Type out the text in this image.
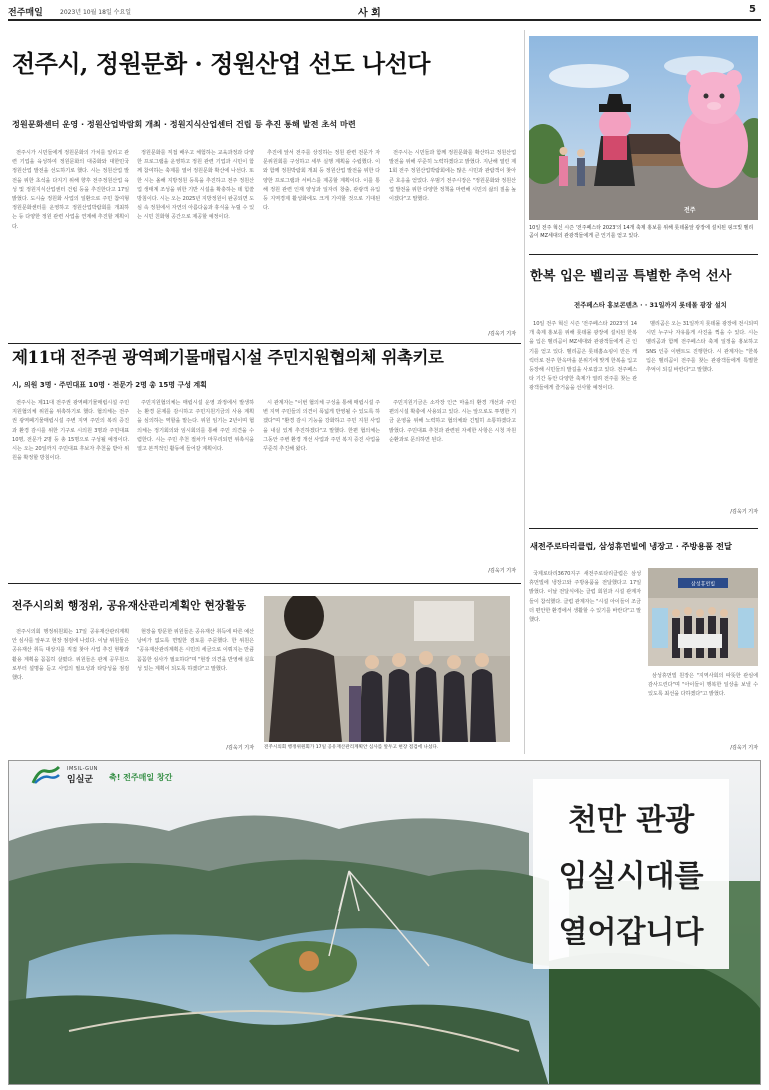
전주매일	2023년 10월 18일 수요일	사 회	5
전주시, 정원문화 · 정원산업 선도 나선다
정원문화센터 운영 · 정원산업박람회 개최 · 정원지식산업센터 건립 등 추진 통해 발전 초석 마련

전주시가 시민들에게 정원문화의 가치를 알리고 관련 기업을 육성하여 정원문화의 대중화와 대한민국 정원산업 발전을 선도하기로 했다. 시는 정원산업 발전을 위한 초석을 다지기 위해 향후 전주정원산업 육성 및 정원지식산업센터 건립 등을 추진한다고 17일 밝혔다. 도시숲 정원화 사업의 일환으로 주민 참여형 정원문화센터를 운영하고 정원산업박람회를 개최하는 등 다양한 정원 관련 사업을 연계해 추진할 계획이다.

정원문화를 직접 배우고 체험하는 교육과정과 다양한 프로그램을 운영하고 정원 관련 기업과 시민이 함께 참여하는 축제를 열어 정원문화 확산에 나선다. 또한 시는 올해 지방정원 등록을 추진하고 전주 정원산업 생태계 조성을 위한 기반 시설을 확충하는 데 힘쓸 방침이다. 시는 오는 2025년 지방정원이 완공되면 도심 속 정원에서 자연의 아름다움과 휴식을 누릴 수 있는 시민 친화형 공간으로 제공할 예정이다.

추진에 앞서 전주를 상징하는 정원 관련 전문가 자문위원회를 구성하고 세부 실행 계획을 수립했다. 이와 함께 정원박람회 개최 등 정원산업 발전을 위한 다양한 프로그램과 서비스를 제공할 계획이다. 이를 통해 정원 관련 인재 양성과 일자리 창출, 관광객 유입 등 지역경제 활성화에도 크게 기여할 것으로 기대된다.

전주시는 시민들과 함께 정원문화를 확산하고 정원산업 발전을 위해 꾸준히 노력하겠다고 밝혔다. 지난해 열린 제1회 전주 정원산업박람회에는 많은 시민과 관람객이 찾아 큰 호응을 얻었다. 우범기 전주시장은 "정원문화와 정원산업 발전을 위한 다양한 정책을 마련해 시민의 삶의 질을 높이겠다"고 말했다.

/김욱기 기자
제11대 전주권 광역폐기물매립시설 주민지원협의체 위촉키로
시, 의원 3명 · 주민대표 10명 · 전문가 2명 총 15명 구성 계획

전주시는 제11대 전주권 광역폐기물매립시설 주민지원협의체 위원을 위촉하기로 했다. 협의체는 전주권 광역폐기물매립시설 주변 지역 주민의 복리 증진과 환경 감시를 위한 기구로 시의원 3명과 주민대표 10명, 전문가 2명 등 총 15명으로 구성될 예정이다. 시는 오는 20일까지 주민대표 후보자 추천을 받아 위원을 확정할 방침이다.

주민지원협의체는 매립시설 운영 과정에서 발생하는 환경 문제를 감시하고 주민지원기금의 사용 계획을 심의하는 역할을 맡는다. 위원 임기는 2년이며 협의체는 정기회의와 임시회의를 통해 주민 의견을 수렴한다. 시는 주민 추천 절차가 마무리되면 위촉식을 열고 본격적인 활동에 들어갈 계획이다.

시 관계자는 "이번 협의체 구성을 통해 매립시설 주변 지역 주민들의 의견이 폭넓게 반영될 수 있도록 하겠다"며 "환경 감시 기능을 강화하고 주민 지원 사업을 내실 있게 추진하겠다"고 말했다. 한편 협의체는 그동안 주변 환경 개선 사업과 주민 복지 증진 사업을 꾸준히 추진해 왔다.

주민지원기금은 소각장 인근 마을의 환경 개선과 주민 편의시설 확충에 사용되고 있다. 시는 앞으로도 투명한 기금 운영을 위해 노력하고 협의체와 긴밀히 소통하겠다고 밝혔다. 주민대표 추천과 관련된 자세한 사항은 시청 자원순환과로 문의하면 된다.

/김욱기 기자
전주시의회 행정위, 공유재산관리계획안 현장활동

전주시의회 행정위원회는 17일 공유재산관리계획안 심사를 앞두고 현장 점검에 나섰다. 이날 위원들은 공유재산 취득 대상지를 직접 찾아 사업 추진 현황과 활용 계획을 꼼꼼히 살폈다. 위원들은 관계 공무원으로부터 설명을 듣고 사업의 필요성과 타당성을 점검했다.

현장을 방문한 위원들은 공유재산 취득에 따른 예산 낭비가 없도록 면밀한 검토를 주문했다. 한 위원은 "공유재산관리계획은 시민의 세금으로 이뤄지는 만큼 꼼꼼한 심사가 필요하다"며 "현장 의견을 반영해 실효성 있는 계획이 되도록 하겠다"고 말했다.

/김욱기 기자 전주시의회 행정위원회가 17일 공유재산관리계획안 심사를 앞두고 현장 점검에 나섰다.
전주
10일 전주 혁신 시즌 '전주페스타 2023'의 14개 축제 홍보를 위해 롯데몰앞 광장에 설치된 핑크빛 벨리곰이 MZ세대의 관광객들에게 큰 인기를 얻고 있다.
한복 입은 벨리곰 특별한 추억 선사
전주페스타 홍보콘텐츠 · · 31일까지 롯데몰 광장 설치

10일 전주 혁신 시즌 '전주페스타 2023'의 14개 축제 홍보를 위해 롯데몰 광장에 설치된 한복을 입은 벨리곰이 MZ세대와 관광객들에게 큰 인기를 얻고 있다. 벨리곰은 롯데홈쇼핑이 만든 캐릭터로 전주 한옥마을 분위기에 맞게 한복을 입고 등장해 시민들의 발길을 사로잡고 있다. 전주페스타 기간 동안 다양한 축제가 열려 전주를 찾는 관광객들에게 즐거움을 선사할 예정이다.

벨리곰은 오는 31일까지 롯데몰 광장에 전시되며 시민 누구나 자유롭게 사진을 찍을 수 있다. 시는 벨리곰과 함께 전주페스타 축제 일정을 홍보하고 SNS 인증 이벤트도 진행한다. 시 관계자는 "한복 입은 벨리곰이 전주를 찾는 관광객들에게 특별한 추억이 되길 바란다"고 말했다.

/김욱기 기자
새전주로타리클럽, 삼성휴먼빌에 냉장고 · 주방용품 전달

국제로타리3670지구 새전주로타리클럽은 삼성휴먼빌에 냉장고와 주방용품을 전달했다고 17일 밝혔다. 이날 전달식에는 클럽 회원과 시설 관계자들이 참석했다. 클럽 관계자는 "시설 아이들이 조금 더 편안한 환경에서 생활할 수 있기를 바란다"고 말했다.

삼성휴먼빌

삼성휴먼빌 원장은 "지역사회의 따뜻한 관심에 감사드린다"며 "아이들이 행복한 일상을 보낼 수 있도록 최선을 다하겠다"고 밝혔다.

/김욱기 기자
IMSIL-GUN
임실군 축! 전주매일 창간
천만 관광
임실시대를
열어갑니다
